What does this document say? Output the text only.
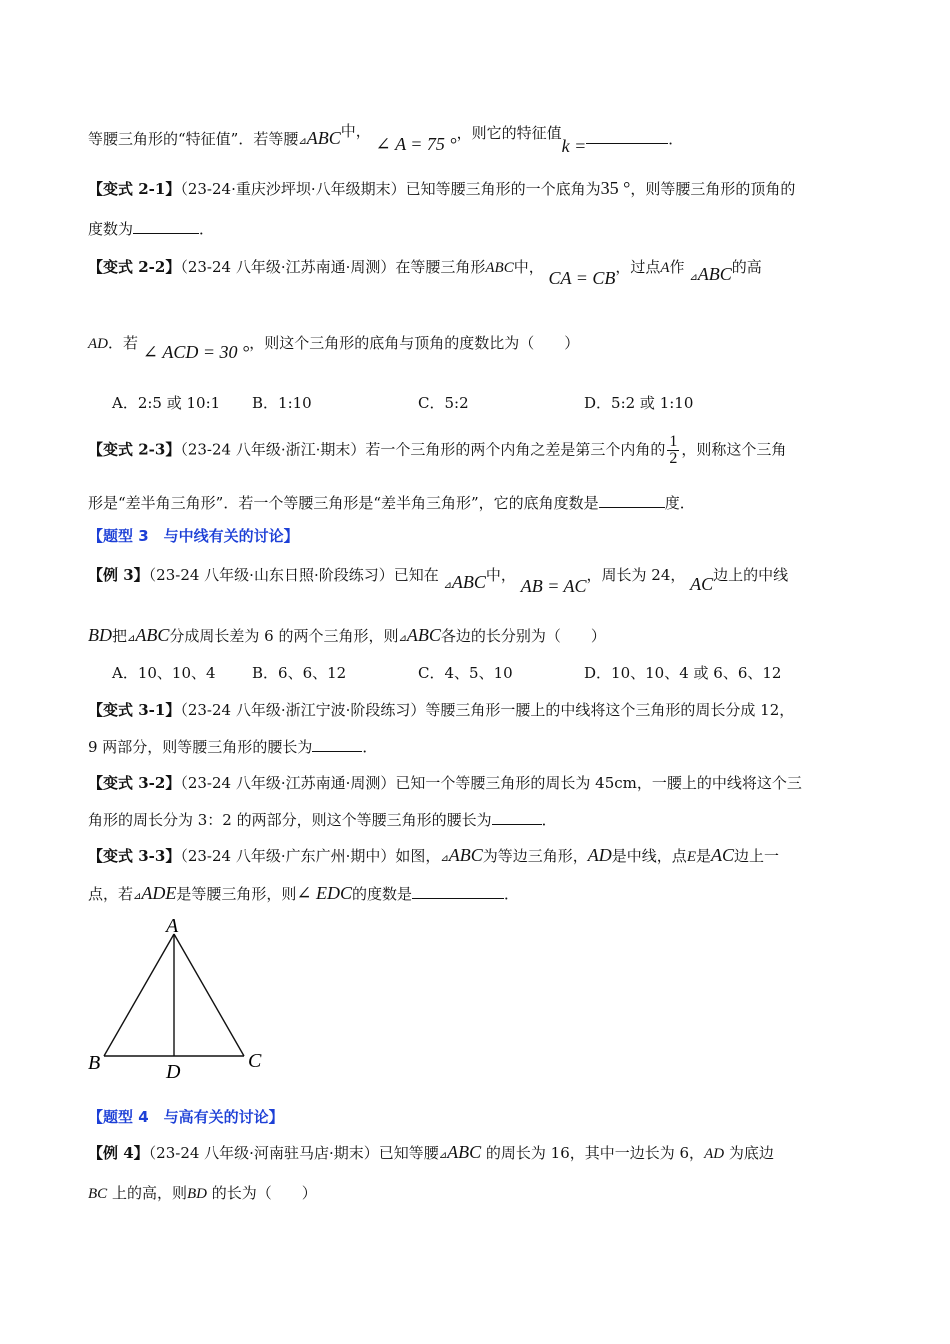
等腰三角形的“特征值”．若等腰⊿ABC中， ∠ A = 75 °，则它的特征值k =	．
【变式 2-1】（23-24·重庆沙坪坝·八年级期末）已知等腰三角形的一个底角为35 °，则等腰三角形的顶角的
度数为	．
【变式 2-2】（23-24 八年级·江苏南通·周测）在等腰三角形ABC中， CA = CB，过点A作 $_⊿$ABC的高
AD．若 ∠ ACD = 30 °，则这个三角形的底角与顶角的度数比为（　　）
A．2:5 或 10:1 B．1:10	C．5:2	D．5:2 或 1:10
【变式 2-3】（23-24 八年级·浙江·期末）若一个三角形的两个内角之差是第三个内角的 $\frac{1}{2}$ ，则称这个三角
形是“差半角三角形”．若一个等腰三角形是“差半角三角形”，它的底角度数是	度．
【题型 3　与中线有关的讨论】
【例 3】（23-24 八年级·山东日照·阶段练习）已知在 $_⊿$ABC中， AB = AC，周长为 24， AC边上的中线
BD把⊿ABC分成周长差为 6 的两个三角形，则⊿ABC各边的长分别为（　　）
A．10、10、4 B．6、6、12	C．4、5、10	D．10、10、4 或 6、6、12
【变式 3-1】（23-24 八年级·浙江宁波·阶段练习）等腰三角形一腰上的中线将这个三角形的周长分成 12，
9 两部分，则等腰三角形的腰长为	．
【变式 3-2】（23-24 八年级·江苏南通·周测）已知一个等腰三角形的周长为 45cm，一腰上的中线将这个三
角形的周长分为 3：2 的两部分，则这个等腰三角形的腰长为	．
【变式 3-3】（23-24 八年级·广东广州·期中）如图，⊿ABC为等边三角形，AD是中线，点E是AC边上一
点，若⊿ADE是等腰三角形，则∠ EDC的度数是	．
A
B	C
D
【题型 4　与高有关的讨论】
【例 4】（23-24 八年级·河南驻马店·期末）已知等腰⊿ABC 的周长为 16，其中一边长为 6，AD 为底边
BC 上的高，则BD 的长为（　　）
